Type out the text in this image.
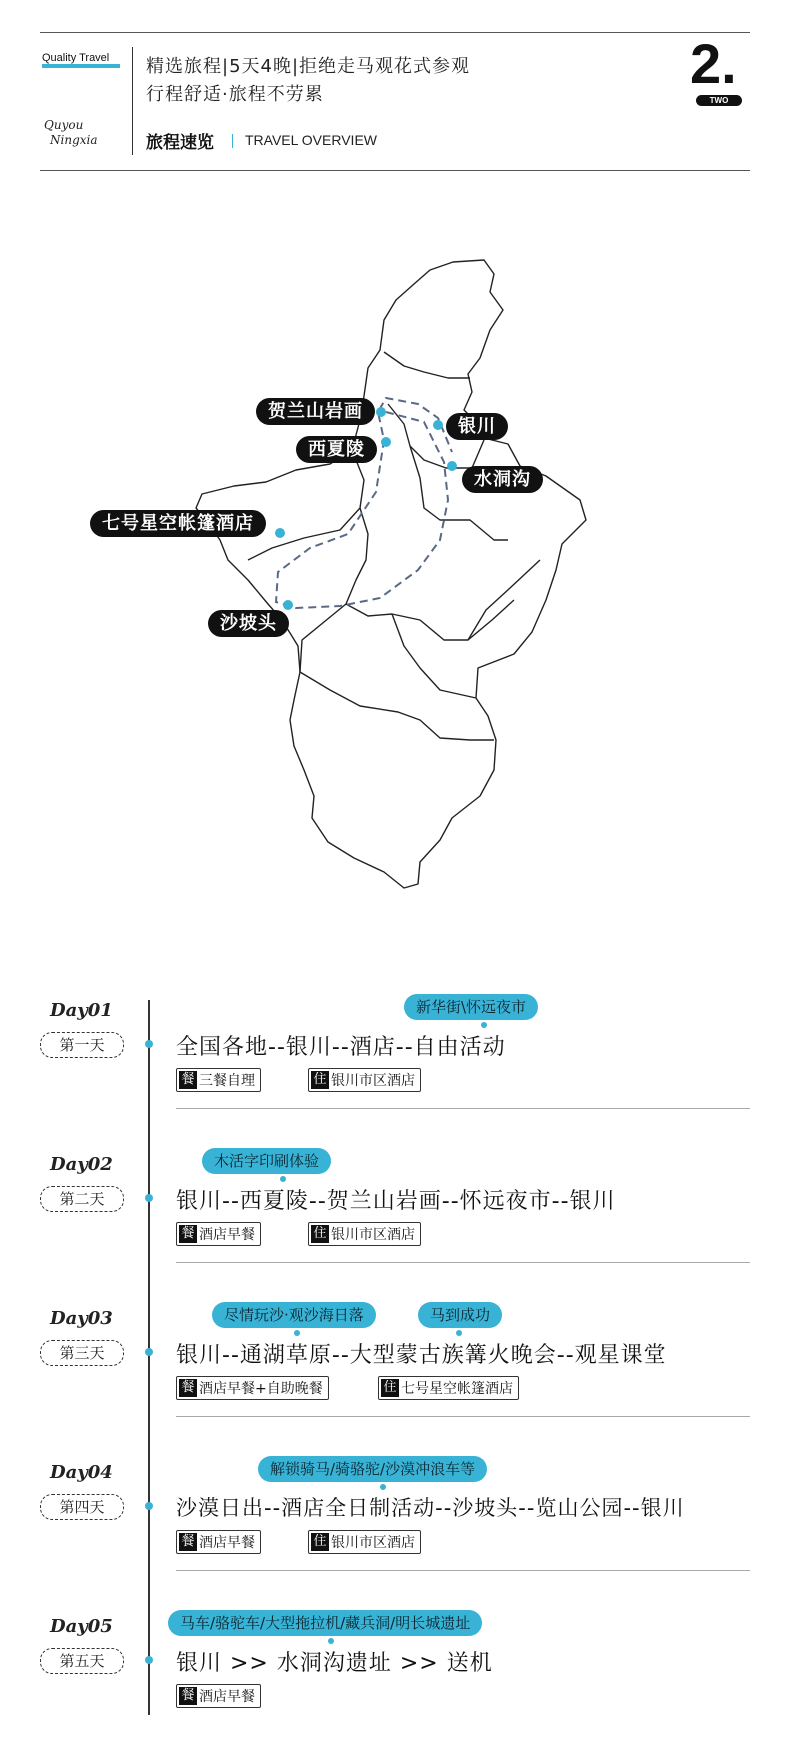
Quality Travel
Quyou
Ningxia
精选旅程|5天4晚|拒绝走马观花式参观
行程舒适·旅程不劳累
旅程速览 TRAVEL OVERVIEW
2.
TWO
贺兰山岩画
银川
西夏陵
水洞沟
七号星空帐篷酒店
沙坡头
Day01
第一天
新华街\怀远夜市
全国各地--银川--酒店--自由活动
餐 三餐自理	住 银川市区酒店
Day02
第二天
木活字印刷体验
银川--西夏陵--贺兰山岩画--怀远夜市--银川
餐 酒店早餐	住 银川市区酒店
Day03
第三天
尽情玩沙·观沙海日落	马到成功
银川--通湖草原--大型蒙古族篝火晚会--观星课堂
餐 酒店早餐+自助晚餐	住 七号星空帐篷酒店
Day04
第四天
解锁骑马/骑骆驼/沙漠冲浪车等
沙漠日出--酒店全日制活动--沙坡头--览山公园--银川
餐 酒店早餐	住 银川市区酒店
Day05
第五天
马车/骆驼车/大型拖拉机/藏兵洞/明长城遗址
银川 >> 水洞沟遗址 >> 送机
餐 酒店早餐
